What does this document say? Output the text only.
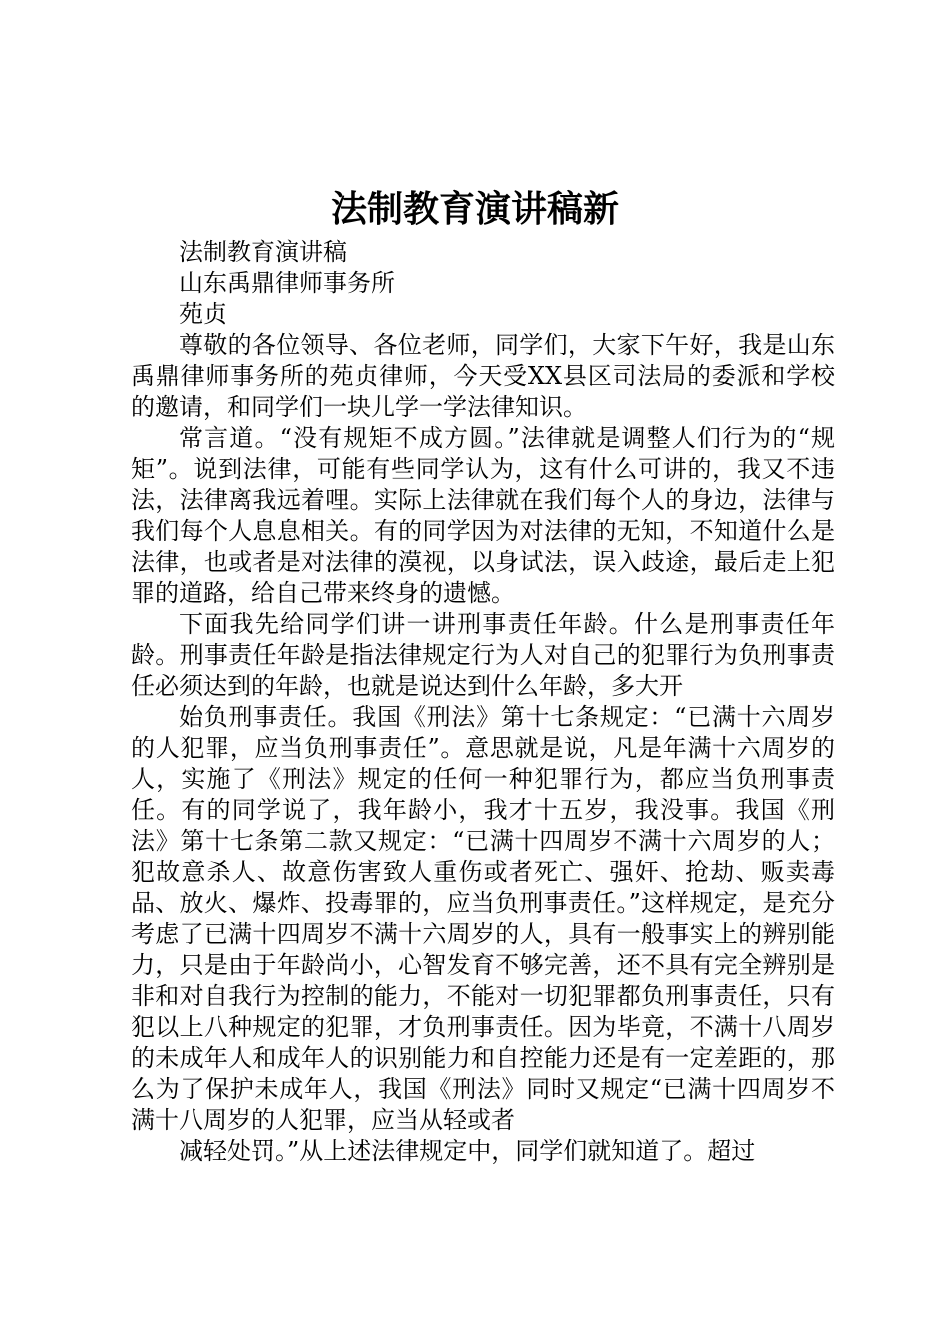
法制教育演讲稿新

法制教育演讲稿

山东禹鼎律师事务所

苑贞

尊敬的各位领导、各位老师，同学们，大家下午好，我是山东禹鼎律师事务所的苑贞律师，今天受XX县区司法局的委派和学校的邀请，和同学们一块儿学一学法律知识。

常言道。“没有规矩不成方圆。”法律就是调整人们行为的“规矩”。说到法律，可能有些同学认为，这有什么可讲的，我又不违法，法律离我远着哩。实际上法律就在我们每个人的身边，法律与我们每个人息息相关。有的同学因为对法律的无知，不知道什么是法律，也或者是对法律的漠视，以身试法，误入歧途，最后走上犯罪的道路，给自己带来终身的遗憾。

下面我先给同学们讲一讲刑事责任年龄。什么是刑事责任年龄。刑事责任年龄是指法律规定行为人对自己的犯罪行为负刑事责任必须达到的年龄，也就是说达到什么年龄，多大开

始负刑事责任。我国《刑法》第十七条规定：“已满十六周岁的人犯罪，应当负刑事责任”。意思就是说，凡是年满十六周岁的人，实施了《刑法》规定的任何一种犯罪行为，都应当负刑事责任。有的同学说了，我年龄小，我才十五岁，我没事。我国《刑法》第十七条第二款又规定：“已满十四周岁不满十六周岁的人；犯故意杀人、故意伤害致人重伤或者死亡、强奸、抢劫、贩卖毒品、放火、爆炸、投毒罪的，应当负刑事责任。”这样规定，是充分考虑了已满十四周岁不满十六周岁的人，具有一般事实上的辨别能力，只是由于年龄尚小，心智发育不够完善，还不具有完全辨别是非和对自我行为控制的能力，不能对一切犯罪都负刑事责任，只有犯以上八种规定的犯罪，才负刑事责任。因为毕竟，不满十八周岁的未成年人和成年人的识别能力和自控能力还是有一定差距的，那么为了保护未成年人，我国《刑法》同时又规定“已满十四周岁不满十八周岁的人犯罪，应当从轻或者

减轻处罚。”从上述法律规定中，同学们就知道了。超过
